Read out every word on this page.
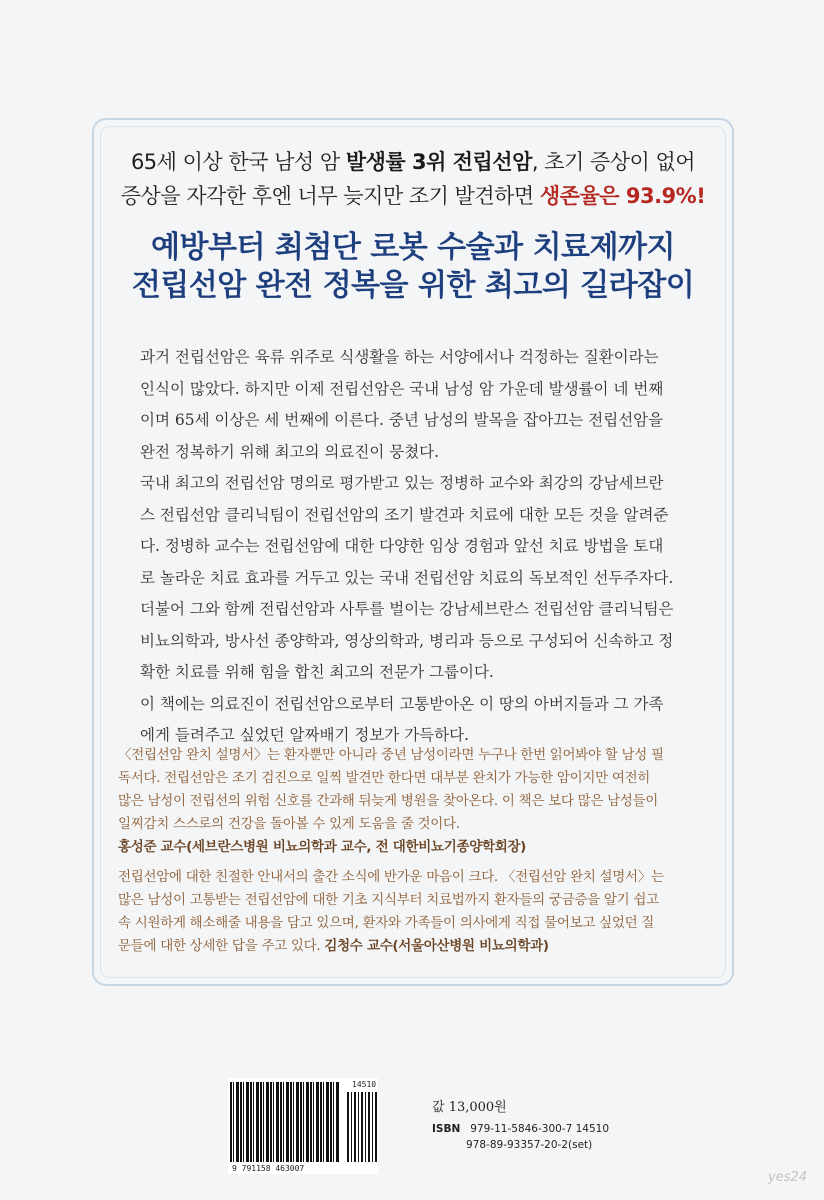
65세 이상 한국 남성 암 발생률 3위 전립선암, 초기 증상이 없어
증상을 자각한 후엔 너무 늦지만 조기 발견하면 생존율은 93.9%!
예방부터 최첨단 로봇 수술과 치료제까지
전립선암 완전 정복을 위한 최고의 길라잡이
과거 전립선암은 육류 위주로 식생활을 하는 서양에서나 걱정하는 질환이라는
인식이 많았다. 하지만 이제 전립선암은 국내 남성 암 가운데 발생률이 네 번째
이며 65세 이상은 세 번째에 이른다. 중년 남성의 발목을 잡아끄는 전립선암을
완전 정복하기 위해 최고의 의료진이 뭉쳤다.
국내 최고의 전립선암 명의로 평가받고 있는 정병하 교수와 최강의 강남세브란
스 전립선암 클리닉팀이 전립선암의 조기 발견과 치료에 대한 모든 것을 알려준
다. 정병하 교수는 전립선암에 대한 다양한 임상 경험과 앞선 치료 방법을 토대
로 놀라운 치료 효과를 거두고 있는 국내 전립선암 치료의 독보적인 선두주자다.
더불어 그와 함께 전립선암과 사투를 벌이는 강남세브란스 전립선암 클리닉팀은
비뇨의학과, 방사선 종양학과, 영상의학과, 병리과 등으로 구성되어 신속하고 정
확한 치료를 위해 힘을 합친 최고의 전문가 그룹이다.
이 책에는 의료진이 전립선암으로부터 고통받아온 이 땅의 아버지들과 그 가족
에게 들려주고 싶었던 알짜배기 정보가 가득하다.
〈전립선암 완치 설명서〉는 환자뿐만 아니라 중년 남성이라면 누구나 한번 읽어봐야 할 남성 필
독서다. 전립선암은 조기 검진으로 일찍 발견만 한다면 대부분 완치가 가능한 암이지만 여전히
많은 남성이 전립선의 위험 신호를 간과해 뒤늦게 병원을 찾아온다. 이 책은 보다 많은 남성들이
일찌감치 스스로의 건강을 돌아볼 수 있게 도움을 줄 것이다.
홍성준 교수(세브란스병원 비뇨의학과 교수, 전 대한비뇨기종양학회장)
전립선암에 대한 친절한 안내서의 출간 소식에 반가운 마음이 크다. 〈전립선암 완치 설명서〉는
많은 남성이 고통받는 전립선암에 대한 기초 지식부터 치료법까지 환자들의 궁금증을 알기 쉽고
속 시원하게 해소해줄 내용을 담고 있으며, 환자와 가족들이 의사에게 직접 물어보고 싶었던 질
문들에 대한 상세한 답을 주고 있다. 김청수 교수(서울아산병원 비뇨의학과)
14510
9 791158 463007
값 13,000원
ISBN 979-11-5846-300-7 14510
978-89-93357-20-2(set)
yes24
